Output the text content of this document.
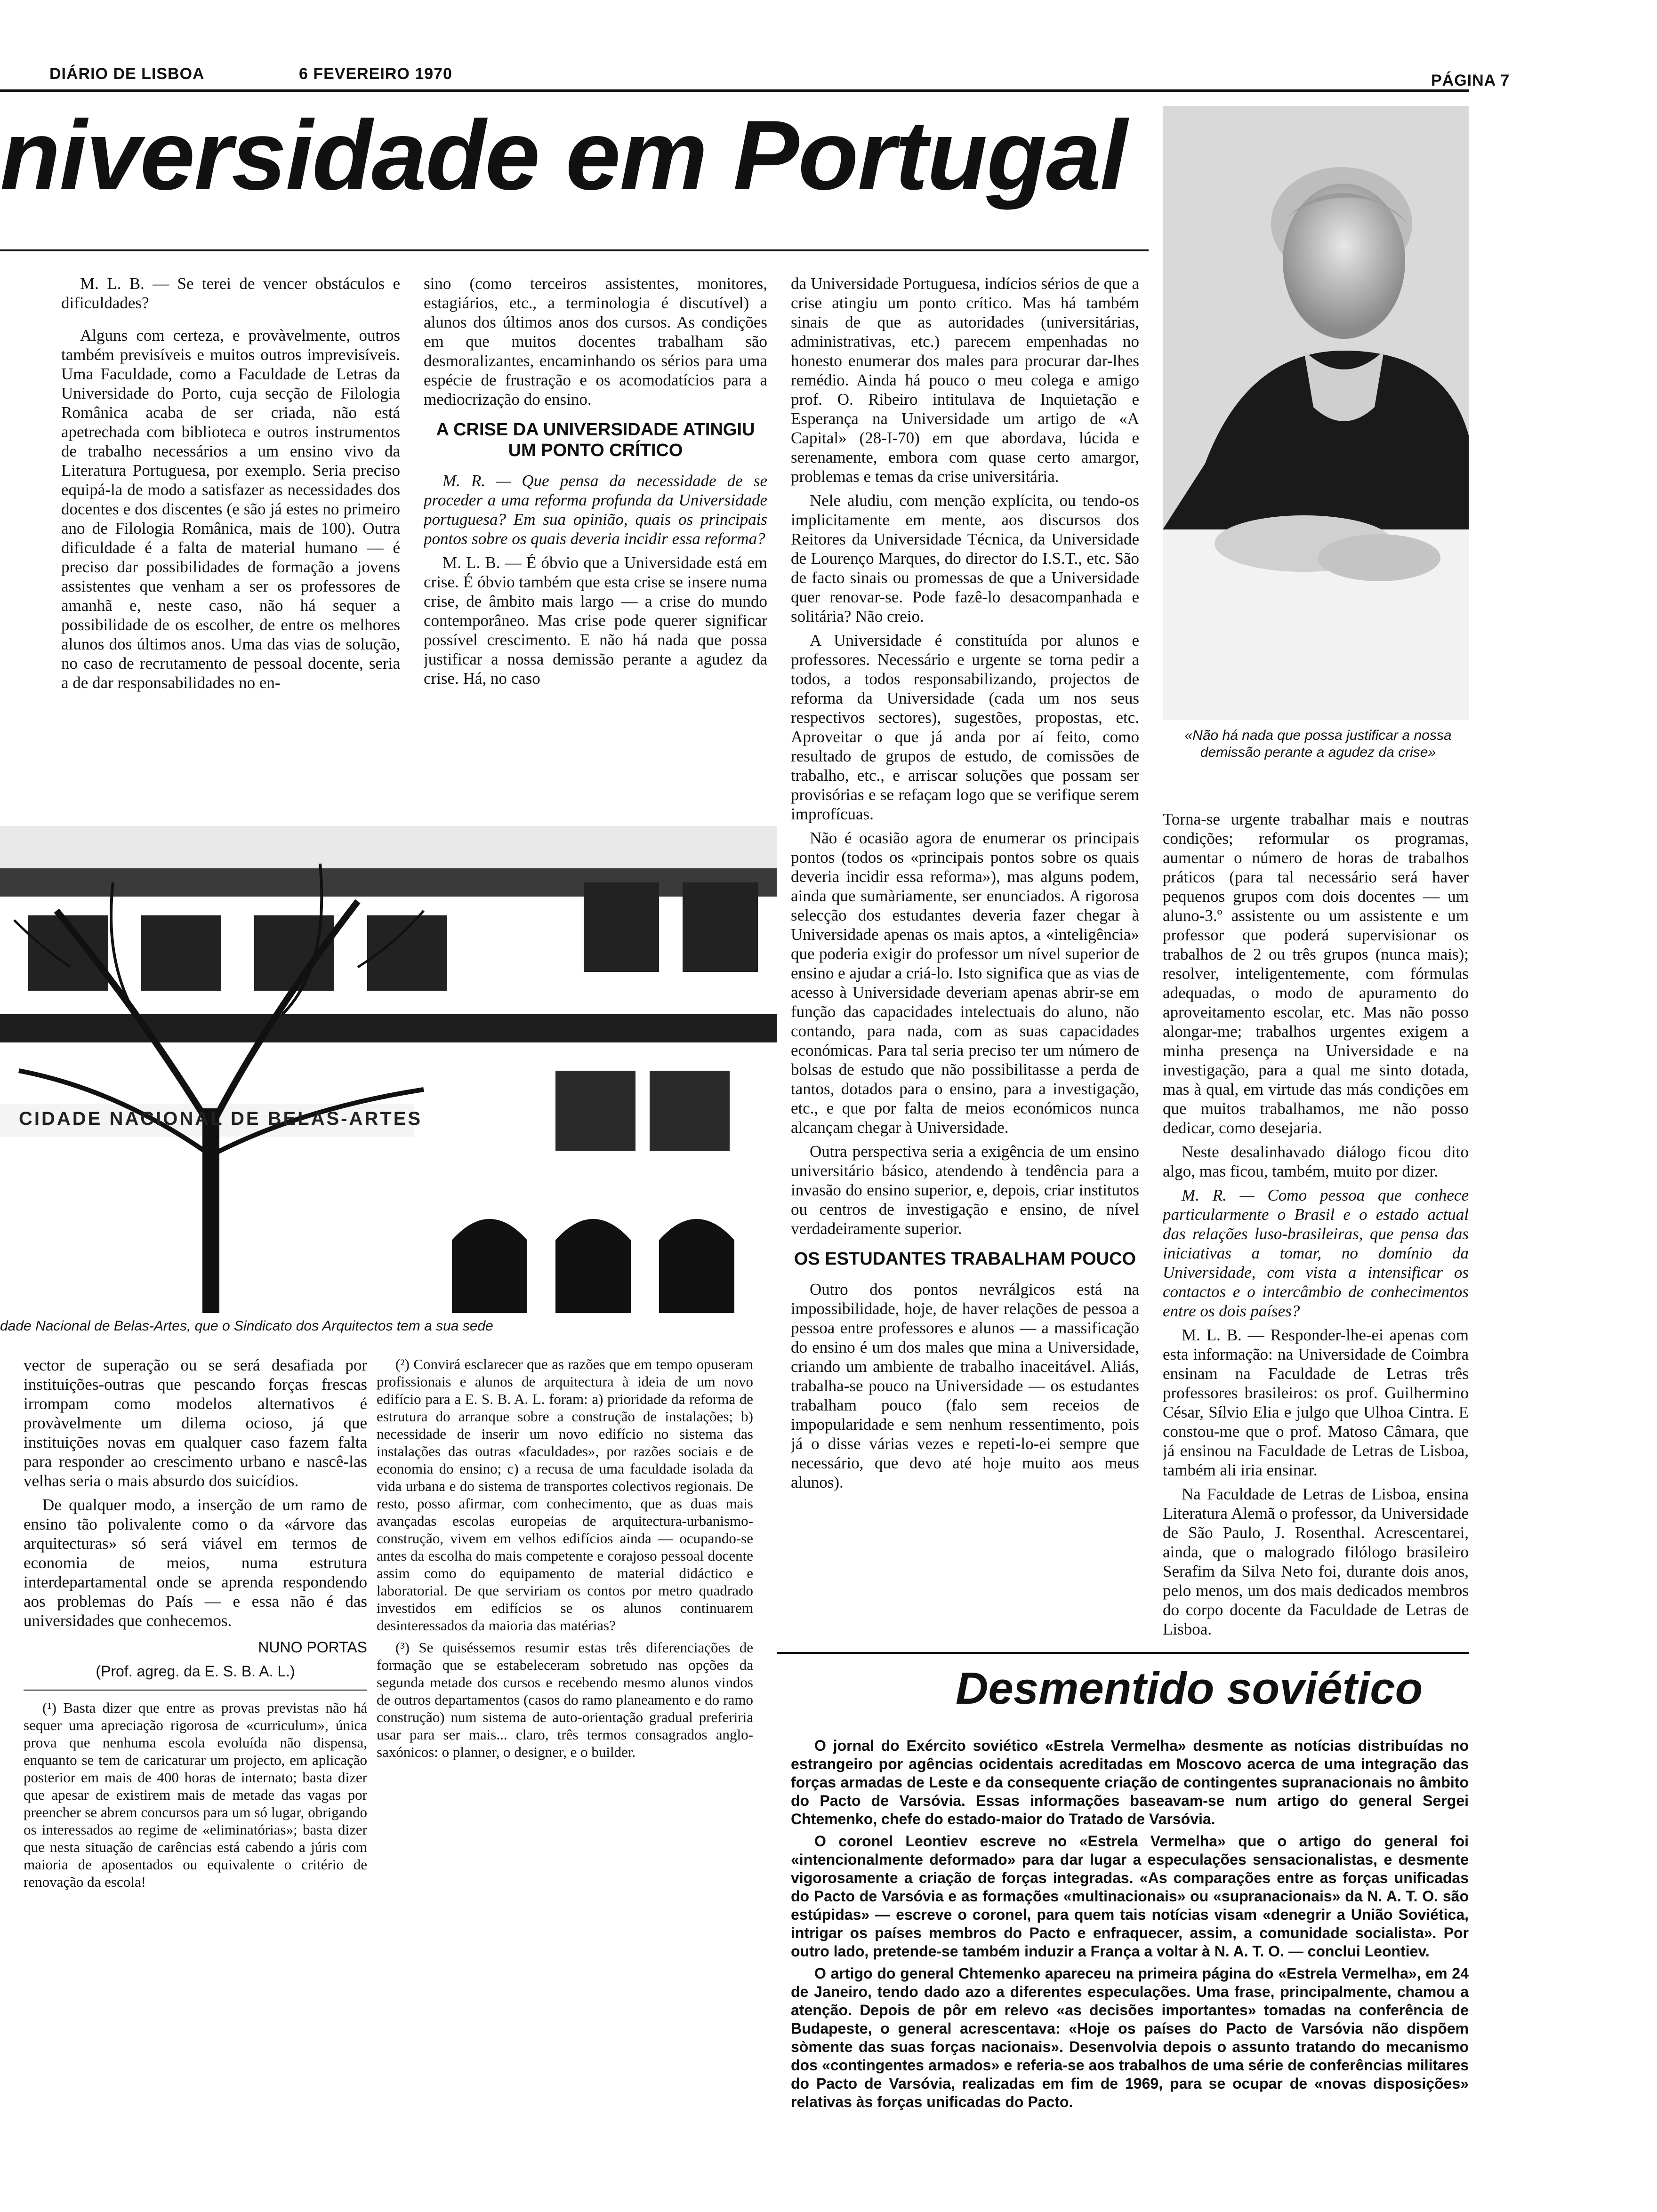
DIÁRIO DE LISBOA	6 FEVEREIRO 1970	PÁGINA 7
niversidade em Portugal
«Não há nada que possa justificar a nossa demissão perante a agudez da crise»

M. L. B. — Se terei de vencer obstáculos e dificuldades?

Alguns com certeza, e provàvelmente, outros também previsíveis e muitos outros imprevisíveis. Uma Faculdade, como a Faculdade de Letras da Universidade do Porto, cuja secção de Filologia Românica acaba de ser criada, não está apetrechada com biblioteca e outros instrumentos de trabalho necessários a um ensino vivo da Literatura Portuguesa, por exemplo. Seria preciso equipá-la de modo a satisfazer as necessidades dos docentes e dos discentes (e são já estes no primeiro ano de Filologia Românica, mais de 100). Outra dificuldade é a falta de material humano — é preciso dar possibilidades de formação a jovens assistentes que venham a ser os professores de amanhã e, neste caso, não há sequer a possibilidade de os escolher, de entre os melhores alunos dos últimos anos. Uma das vias de solução, no caso de recrutamento de pessoal docente, seria a de dar responsabilidades no en-

sino (como terceiros assistentes, monitores, estagiários, etc., a terminologia é discutível) a alunos dos últimos anos dos cursos. As condições em que muitos docentes trabalham são desmoralizantes, encaminhando os sérios para uma espécie de frustração e os acomodatícios para a mediocrização do ensino.

A CRISE DA UNIVERSIDADE ATINGIU UM PONTO CRÍTICO

M. R. — Que pensa da necessidade de se proceder a uma reforma profunda da Universidade portuguesa? Em sua opinião, quais os principais pontos sobre os quais deveria incidir essa reforma?

M. L. B. — É óbvio que a Universidade está em crise. É óbvio também que esta crise se insere numa crise, de âmbito mais largo — a crise do mundo contemporâneo. Mas crise pode querer significar possível crescimento. E não há nada que possa justificar a nossa demissão perante a agudez da crise. Há, no caso

da Universidade Portuguesa, indícios sérios de que a crise atingiu um ponto crítico. Mas há também sinais de que as autoridades (universitárias, administrativas, etc.) parecem empenhadas no honesto enumerar dos males para procurar dar-lhes remédio. Ainda há pouco o meu colega e amigo prof. O. Ribeiro intitulava de Inquietação e Esperança na Universidade um artigo de «A Capital» (28-I-70) em que abordava, lúcida e serenamente, embora com quase certo amargor, problemas e temas da crise universitária.

Nele aludiu, com menção explícita, ou tendo-os implicitamente em mente, aos discursos dos Reitores da Universidade Técnica, da Universidade de Lourenço Marques, do director do I.S.T., etc. São de facto sinais ou promessas de que a Universidade quer renovar-se. Pode fazê-lo desacompanhada e solitária? Não creio.

A Universidade é constituída por alunos e professores. Necessário e urgente se torna pedir a todos, a todos responsabilizando, projectos de reforma da Universidade (cada um nos seus respectivos sectores), sugestões, propostas, etc. Aproveitar o que já anda por aí feito, como resultado de grupos de estudo, de comissões de trabalho, etc., e arriscar soluções que possam ser provisórias e se refaçam logo que se verifique serem improfícuas.

Não é ocasião agora de enumerar os principais pontos (todos os «principais pontos sobre os quais deveria incidir essa reforma»), mas alguns podem, ainda que sumàriamente, ser enunciados. A rigorosa selecção dos estudantes deveria fazer chegar à Universidade apenas os mais aptos, a «inteligência» que poderia exigir do professor um nível superior de ensino e ajudar a criá-lo. Isto significa que as vias de acesso à Universidade deveriam apenas abrir-se em função das capacidades intelectuais do aluno, não contando, para nada, com as suas capacidades económicas. Para tal seria preciso ter um número de bolsas de estudo que não possibilitasse a perda de tantos, dotados para o ensino, para a investigação, etc., e que por falta de meios económicos nunca alcançam chegar à Universidade.

Outra perspectiva seria a exigência de um ensino universitário básico, atendendo à tendência para a invasão do ensino superior, e, depois, criar institutos ou centros de investigação e ensino, de nível verdadeiramente superior.

OS ESTUDANTES TRABALHAM POUCO

Outro dos pontos nevrálgicos está na impossibilidade, hoje, de haver relações de pessoa a pessoa entre professores e alunos — a massificação do ensino é um dos males que mina a Universidade, criando um ambiente de trabalho inaceitável. Aliás, trabalha-se pouco na Universidade — os estudantes trabalham pouco (falo sem receios de impopularidade e sem nenhum ressentimento, pois já o disse várias vezes e repeti-lo-ei sempre que necessário, que devo até hoje muito aos meus alunos).

Torna-se urgente trabalhar mais e noutras condições; reformular os programas, aumentar o número de horas de trabalhos práticos (para tal necessário será haver pequenos grupos com dois docentes — um aluno-3.º assistente ou um assistente e um professor que poderá supervisionar os trabalhos de 2 ou três grupos (nunca mais); resolver, inteligentemente, com fórmulas adequadas, o modo de apuramento do aproveitamento escolar, etc. Mas não posso alongar-me; trabalhos urgentes exigem a minha presença na Universidade e na investigação, para a qual me sinto dotada, mas à qual, em virtude das más condições em que muitos trabalhamos, me não posso dedicar, como desejaria.

Neste desalinhavado diálogo ficou dito algo, mas ficou, também, muito por dizer.

M. R. — Como pessoa que conhece particularmente o Brasil e o estado actual das relações luso-brasileiras, que pensa das iniciativas a tomar, no domínio da Universidade, com vista a intensificar os contactos e o intercâmbio de conhecimentos entre os dois países?

M. L. B. — Responder-lhe-ei apenas com esta informação: na Universidade de Coimbra ensinam na Faculdade de Letras três professores brasileiros: os prof. Guilhermino César, Sílvio Elia e julgo que Ulhoa Cintra. E constou-me que o prof. Matoso Câmara, que já ensinou na Faculdade de Letras de Lisboa, também ali iria ensinar.

Na Faculdade de Letras de Lisboa, ensina Literatura Alemã o professor, da Universidade de São Paulo, J. Rosenthal. Acrescentarei, ainda, que o malogrado filólogo brasileiro Serafim da Silva Neto foi, durante dois anos, pelo menos, um dos mais dedicados membros do corpo docente da Faculdade de Letras de Lisboa.

CIDADE NACIONAL DE BELAS-ARTES
dade Nacional de Belas-Artes, que o Sindicato dos Arquitectos tem a sua sede

vector de superação ou se será desafiada por instituições-outras que pescando forças frescas irrompam como modelos alternativos é provàvelmente um dilema ocioso, já que instituições novas em qualquer caso fazem falta para responder ao crescimento urbano e nascê-las velhas seria o mais absurdo dos suicídios.

De qualquer modo, a inserção de um ramo de ensino tão polivalente como o da «árvore das arquitecturas» só será viável em termos de economia de meios, numa estrutura interdepartamental onde se aprenda respondendo aos problemas do País — e essa não é das universidades que conhecemos.

NUNO PORTAS

(Prof. agreg. da E. S. B. A. L.)

(¹) Basta dizer que entre as provas previstas não há sequer uma apreciação rigorosa de «curriculum», única prova que nenhuma escola evoluída não dispensa, enquanto se tem de caricaturar um projecto, em aplicação posterior em mais de 400 horas de internato; basta dizer que apesar de existirem mais de metade das vagas por preencher se abrem concursos para um só lugar, obrigando os interessados ao regime de «eliminatórias»; basta dizer que nesta situação de carências está cabendo a júris com maioria de aposentados ou equivalente o critério de renovação da escola!

(²) Convirá esclarecer que as razões que em tempo opuseram profissionais e alunos de arquitectura à ideia de um novo edifício para a E. S. B. A. L. foram: a) prioridade da reforma de estrutura do arranque sobre a construção de instalações; b) necessidade de inserir um novo edifício no sistema das instalações das outras «faculdades», por razões sociais e de economia do ensino; c) a recusa de uma faculdade isolada da vida urbana e do sistema de transportes colectivos regionais. De resto, posso afirmar, com conhecimento, que as duas mais avançadas escolas europeias de arquitectura-urbanismo-construção, vivem em velhos edifícios ainda — ocupando-se antes da escolha do mais competente e corajoso pessoal docente assim como do equipamento de material didáctico e laboratorial. De que serviriam os contos por metro quadrado investidos em edifícios se os alunos continuarem desinteressados da maioria das matérias?

(³) Se quiséssemos resumir estas três diferenciações de formação que se estabeleceram sobretudo nas opções da segunda metade dos cursos e recebendo mesmo alunos vindos de outros departamentos (casos do ramo planeamento e do ramo construção) num sistema de auto-orientação gradual preferiria usar para ser mais... claro, três termos consagrados anglo-saxónicos: o planner, o designer, e o builder.

Desmentido soviético

O jornal do Exército soviético «Estrela Vermelha» desmente as notícias distribuídas no estrangeiro por agências ocidentais acreditadas em Moscovo acerca de uma integração das forças armadas de Leste e da consequente criação de contingentes supranacionais no âmbito do Pacto de Varsóvia. Essas informações baseavam-se num artigo do general Sergei Chtemenko, chefe do estado-maior do Tratado de Varsóvia.

O coronel Leontiev escreve no «Estrela Vermelha» que o artigo do general foi «intencionalmente deformado» para dar lugar a especulações sensacionalistas, e desmente vigorosamente a criação de forças integradas. «As comparações entre as forças unificadas do Pacto de Varsóvia e as formações «multinacionais» ou «supranacionais» da N. A. T. O. são estúpidas» — escreve o coronel, para quem tais notícias visam «denegrir a União Soviética, intrigar os países membros do Pacto e enfraquecer, assim, a comunidade socialista». Por outro lado, pretende-se também induzir a França a voltar à N. A. T. O. — conclui Leontiev.

O artigo do general Chtemenko apareceu na primeira página do «Estrela Vermelha», em 24 de Janeiro, tendo dado azo a diferentes especulações. Uma frase, principalmente, chamou a atenção. Depois de pôr em relevo «as decisões importantes» tomadas na conferência de Budapeste, o general acrescentava: «Hoje os países do Pacto de Varsóvia não dispõem sòmente das suas forças nacionais». Desenvolvia depois o assunto tratando do mecanismo dos «contingentes armados» e referia-se aos trabalhos de uma série de conferências militares do Pacto de Varsóvia, realizadas em fim de 1969, para se ocupar de «novas disposições» relativas às forças unificadas do Pacto.
